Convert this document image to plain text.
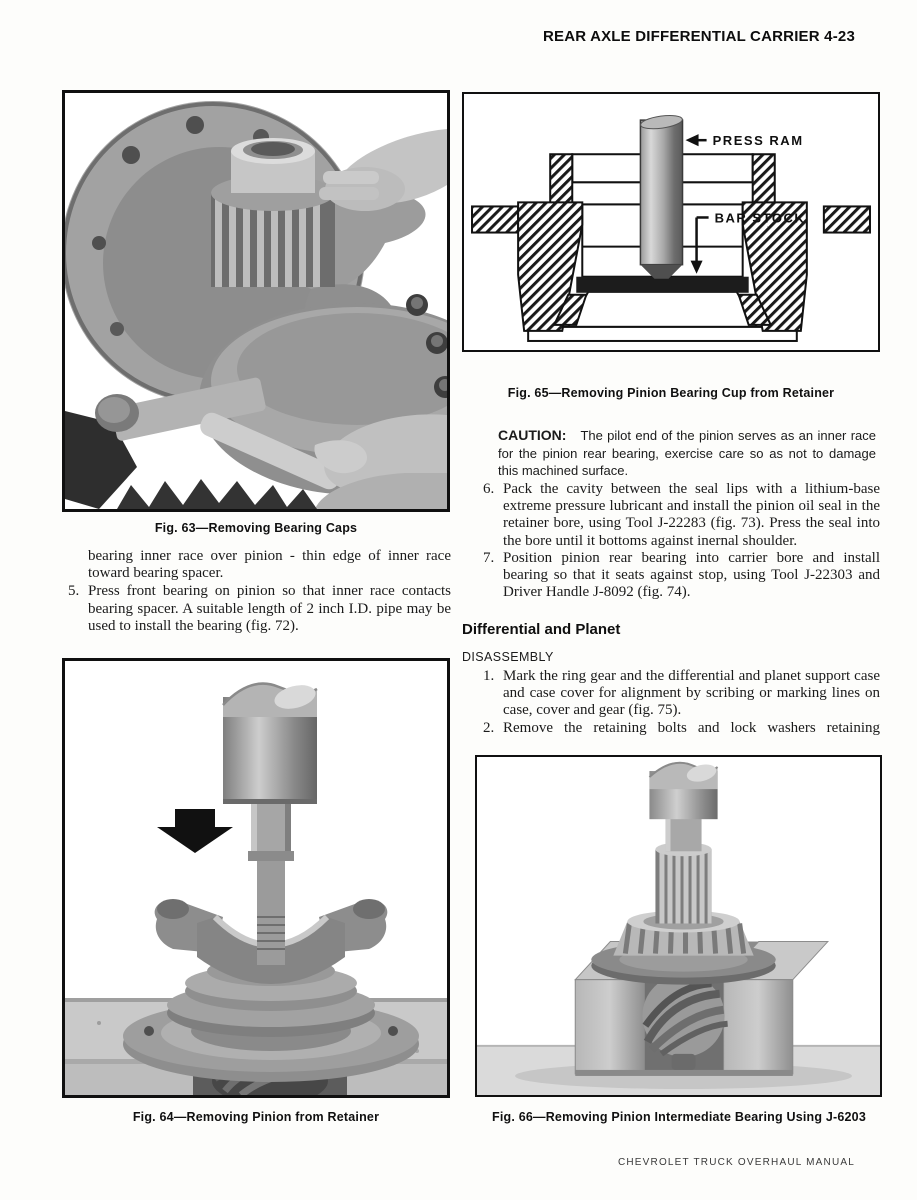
REAR AXLE DIFFERENTIAL CARRIER 4-23
Fig. 63—Removing Bearing Caps

bearing inner race over pinion - thin edge of inner race toward bearing spacer.

5. Press front bearing on pinion so that inner race contacts bearing spacer. A suitable length of 2 inch I.D. pipe may be used to install the bearing (fig. 72).
Fig. 64—Removing Pinion from Retainer
PRESS RAM
BAR STOCK
Fig. 65—Removing Pinion Bearing Cup from Retainer

CAUTION: The pilot end of the pinion serves as an inner race for the pinion rear bearing, exercise care so as not to damage this machined surface.

6. Pack the cavity between the seal lips with a lithium-base extreme pressure lubricant and install the pinion oil seal in the retainer bore, using Tool J-22283 (fig. 73). Press the seal into the bore until it bottoms against inernal shoulder.
7. Position pinion rear bearing into carrier bore and install bearing so that it seats against stop, using Tool J-22303 and Driver Handle J-8092 (fig. 74).
Differential and Planet
DISASSEMBLY
1. Mark the ring gear and the differential and planet support case and case cover for alignment by scribing or marking lines on case, cover and gear (fig. 75).
2. Remove the retaining bolts and lock washers retaining
Fig. 66—Removing Pinion Intermediate Bearing Using J-6203
CHEVROLET TRUCK OVERHAUL MANUAL
